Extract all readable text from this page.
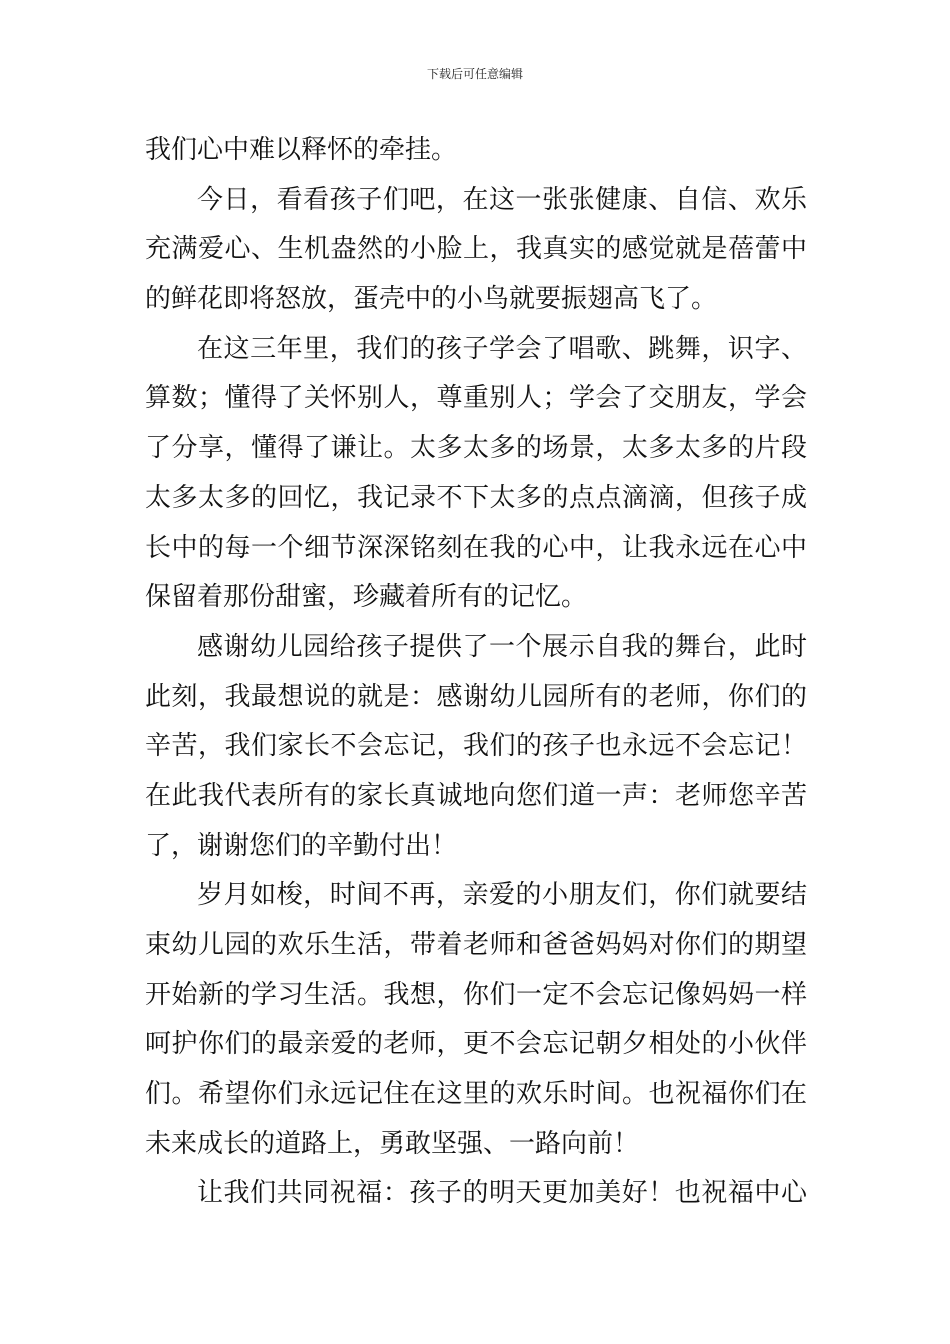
下载后可任意编辑
我们心中难以释怀的牵挂。
今日，看看孩子们吧，在这一张张健康、自信、欢乐
充满爱心、生机盎然的小脸上，我真实的感觉就是蓓蕾中
的鲜花即将怒放，蛋壳中的小鸟就要振翅高飞了。
在这三年里，我们的孩子学会了唱歌、跳舞，识字、
算数；懂得了关怀别人，尊重别人；学会了交朋友，学会
了分享，懂得了谦让。太多太多的场景，太多太多的片段
太多太多的回忆，我记录不下太多的点点滴滴，但孩子成
长中的每一个细节深深铭刻在我的心中，让我永远在心中
保留着那份甜蜜，珍藏着所有的记忆。
感谢幼儿园给孩子提供了一个展示自我的舞台，此时
此刻，我最想说的就是：感谢幼儿园所有的老师，你们的
辛苦，我们家长不会忘记，我们的孩子也永远不会忘记！
在此我代表所有的家长真诚地向您们道一声：老师您辛苦
了，谢谢您们的辛勤付出！
岁月如梭，时间不再，亲爱的小朋友们，你们就要结
束幼儿园的欢乐生活，带着老师和爸爸妈妈对你们的期望
开始新的学习生活。我想，你们一定不会忘记像妈妈一样
呵护你们的最亲爱的老师，更不会忘记朝夕相处的小伙伴
们。希望你们永远记住在这里的欢乐时间。也祝福你们在
未来成长的道路上，勇敢坚强、一路向前！
让我们共同祝福：孩子的明天更加美好！也祝福中心
